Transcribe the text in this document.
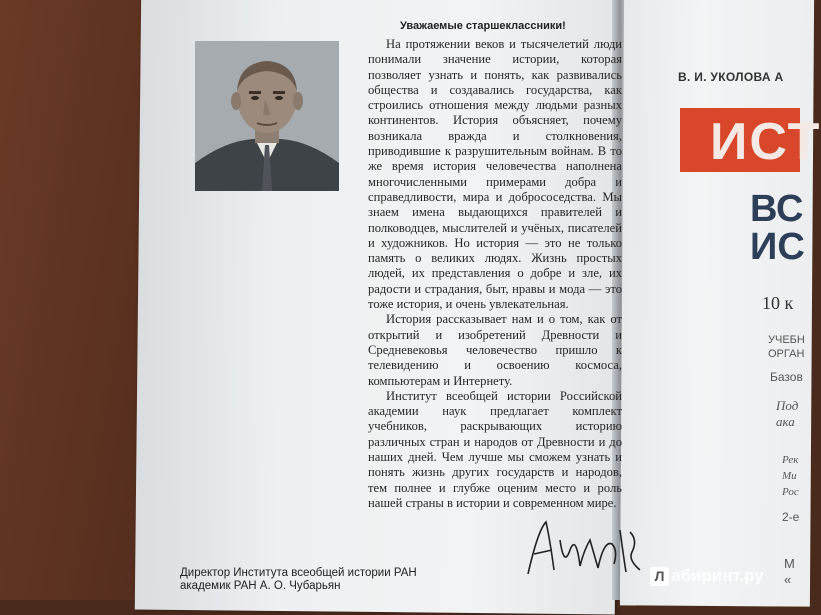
Уважаемые старшеклассники!

На протяжении веков и тысячелетий люди понимали значение истории, которая позволяет узнать и понять, как развивались общества и создавались государства, как строились отношения между людьми разных континентов. История объясняет, почему возникала вражда и столкновения, приводившие к разрушительным войнам. В то же время история человечества наполнена многочисленными примерами добра и справедливости, мира и добрососедства. Мы знаем имена выдающихся правителей и полководцев, мыслителей и учёных, писателей и художников. Но история — это не только память о великих людях. Жизнь простых людей, их представления о добре и зле, их радости и страдания, быт, нравы и мода — это тоже история, и очень увлекательная.

История рассказывает нам и о том, как от открытий и изобретений Древности и Средневековья человечество пришло к телевидению и освоению космоса, компьютерам и Интернету.

Институт всеобщей истории Российской академии наук предлагает комплект учебников, раскрывающих историю различных стран и народов от Древности и до наших дней. Чем лучше мы сможем узнать и понять жизнь других государств и народов, тем полнее и глубже оценим место и роль нашей страны в истории и современном мире.

Директор Института всеобщей истории РАН
академик РАН А. О. Чубарьян
В. И. УКОЛОВА А
ИСТ
ВС
ИС
10 к
УЧЕБН
ОРГАН
Базов
Под
ака
Рек
Ми
Рос
2-е
М
«
Л абиринт.ру
